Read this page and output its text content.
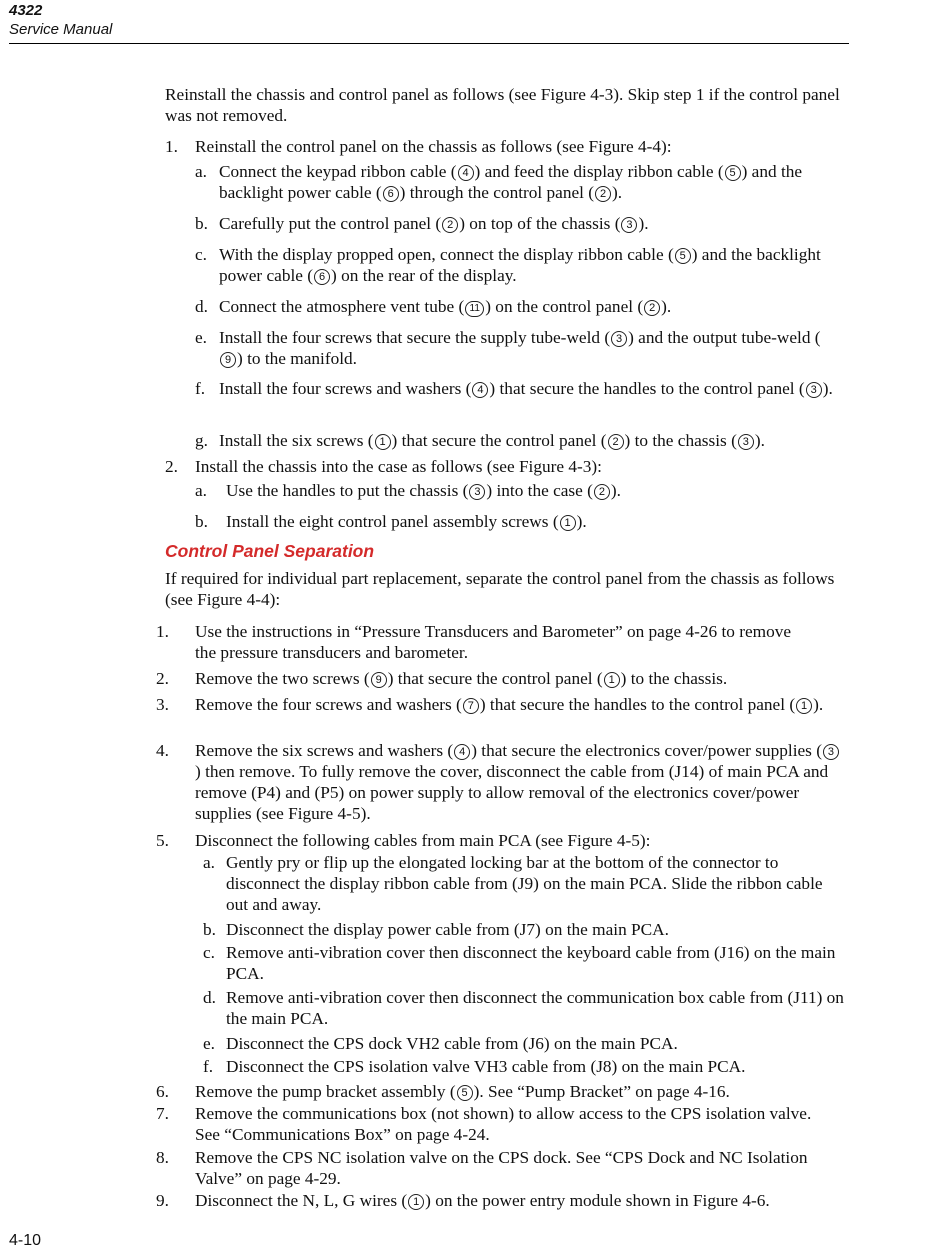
4322
Service Manual
Reinstall the chassis and control panel as follows (see Figure 4-3). Skip step 1 if the control panel was not removed.
1. Reinstall the control panel on the chassis as follows (see Figure 4-4):
a. Connect the keypad ribbon cable ( 4 ) and feed the display ribbon cable ( 5 ) and the backlight power cable ( 6 ) through the control panel ( 2 ).
b. Carefully put the control panel ( 2 ) on top of the chassis ( 3 ).
c. With the display propped open, connect the display ribbon cable ( 5 ) and the backlight power cable ( 6 ) on the rear of the display.
d. Connect the atmosphere vent tube ( 11 ) on the control panel ( 2 ).
e. Install the four screws that secure the supply tube-weld ( 3 ) and the output tube-weld (9 ) to the manifold.
f. Install the four screws and washers ( 4 ) that secure the handles to the control panel ( 3 ).
g. Install the six screws ( 1 ) that secure the control panel ( 2 ) to the chassis ( 3 ).
2. Install the chassis into the case as follows (see Figure 4-3):
a. Use the handles to put the chassis ( 3 ) into the case ( 2 ).
b. Install the eight control panel assembly screws ( 1 ).
Control Panel Separation
If required for individual part replacement, separate the control panel from the chassis as follows (see Figure 4-4):
1. Use the instructions in “Pressure Transducers and Barometer” on page 4-26 to remove the pressure transducers and barometer.
2. Remove the two screws ( 9 ) that secure the control panel ( 1 ) to the chassis.
3. Remove the four screws and washers ( 7 ) that secure the handles to the control panel ( 1 ).
4. Remove the six screws and washers ( 4 ) that secure the electronics cover/power supplies ( 3) then remove. To fully remove the cover, disconnect the cable from (J14) of main PCA and remove (P4) and (P5) on power supply to allow removal of the electronics cover/power supplies (see Figure 4-5).
5. Disconnect the following cables from main PCA (see Figure 4-5):
a. Gently pry or flip up the elongated locking bar at the bottom of the connector to disconnect the display ribbon cable from (J9) on the main PCA. Slide the ribbon cable out and away.
b. Disconnect the display power cable from (J7) on the main PCA.
c. Remove anti-vibration cover then disconnect the keyboard cable from (J16) on the main PCA.
d. Remove anti-vibration cover then disconnect the communication box cable from (J11) on the main PCA.
e. Disconnect the CPS dock VH2 cable from (J6) on the main PCA.
f. Disconnect the CPS isolation valve VH3 cable from (J8) on the main PCA.
6. Remove the pump bracket assembly ( 5 ). See “Pump Bracket” on page 4-16.
7. Remove the communications box (not shown) to allow access to the CPS isolation valve. See “Communications Box” on page 4-24.
8. Remove the CPS NC isolation valve on the CPS dock. See “CPS Dock and NC Isolation Valve” on page 4-29.
9. Disconnect the N, L, G wires ( 1 ) on the power entry module shown in Figure 4-6.
4-10
